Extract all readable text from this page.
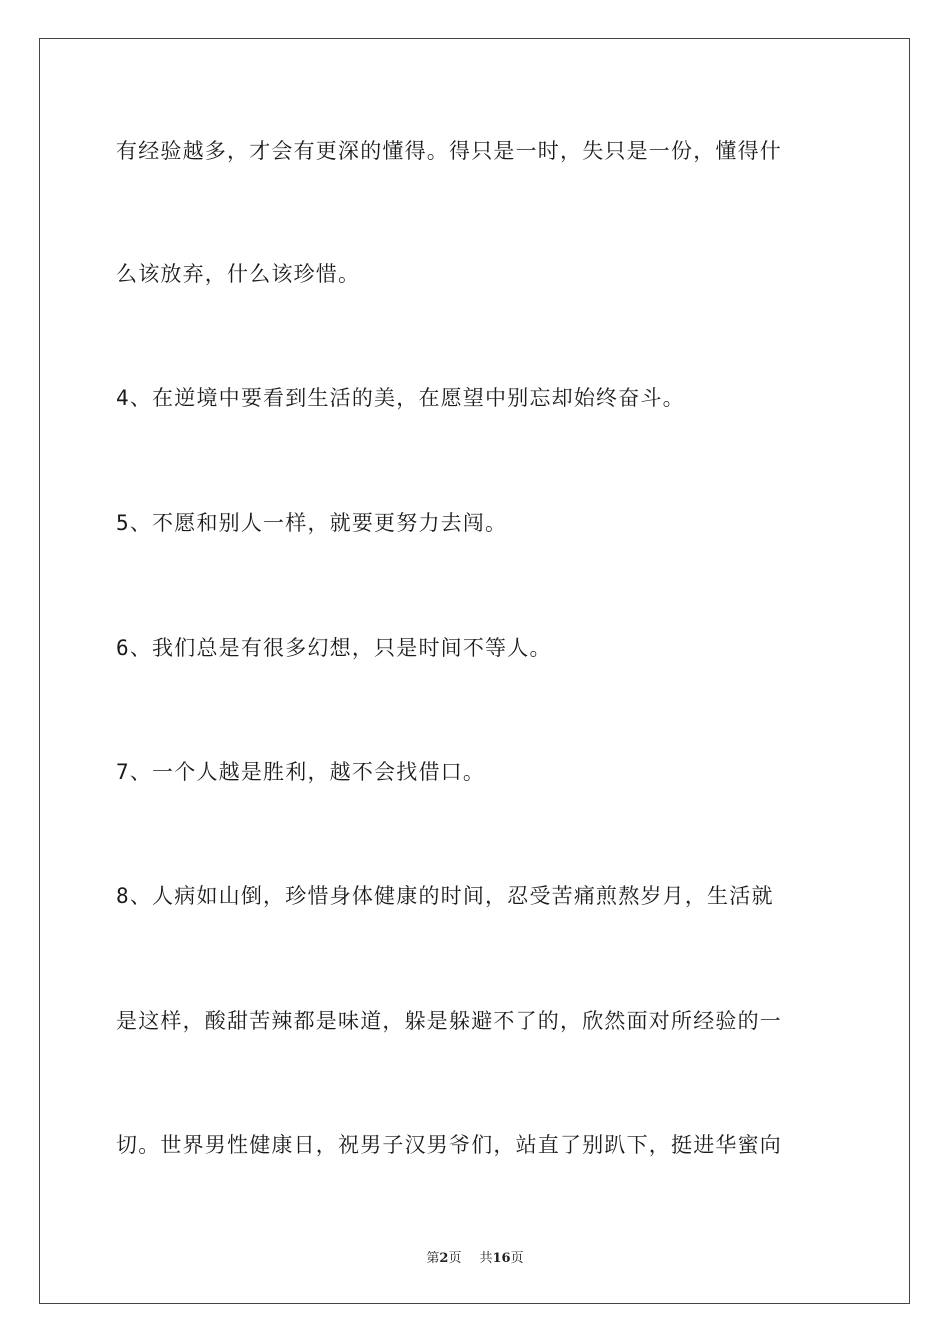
有经验越多，才会有更深的懂得。得只是一时，失只是一份，懂得什
么该放弃，什么该珍惜。
4、在逆境中要看到生活的美，在愿望中别忘却始终奋斗。
5、不愿和别人一样，就要更努力去闯。
6、我们总是有很多幻想，只是时间不等人。
7、一个人越是胜利，越不会找借口。
8、人病如山倒，珍惜身体健康的时间，忍受苦痛煎熬岁月，生活就
是这样，酸甜苦辣都是味道，躲是躲避不了的，欣然面对所经验的一
切。世界男性健康日，祝男子汉男爷们，站直了别趴下，挺进华蜜向
第2页 共16页
